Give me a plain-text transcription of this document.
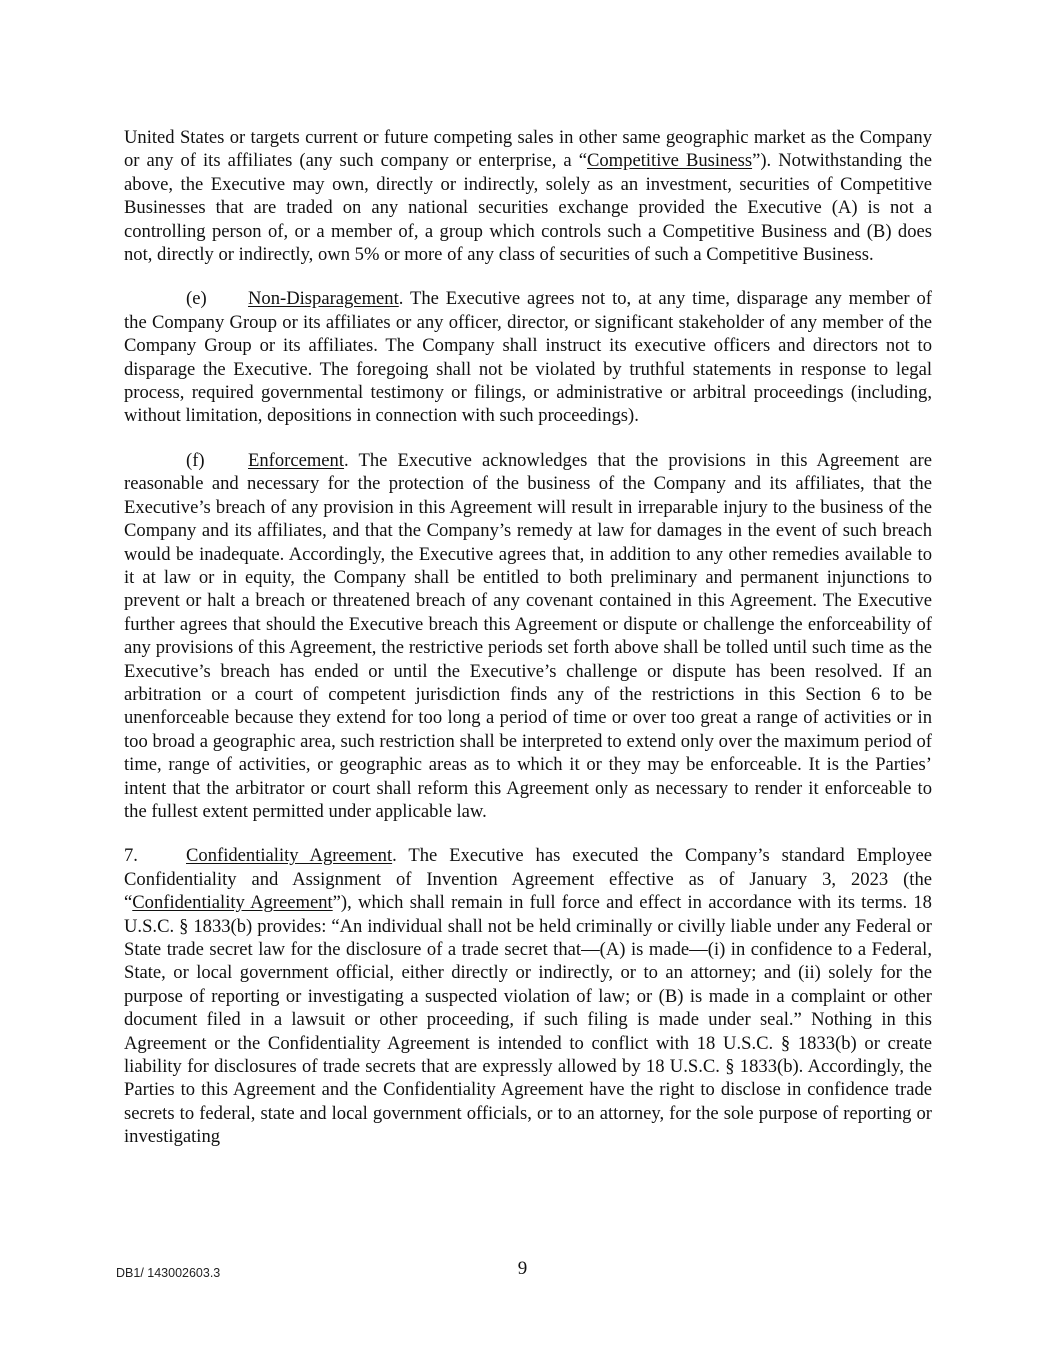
United States or targets current or future competing sales in other same geographic market as the Company or any of its affiliates (any such company or enterprise, a “Competitive Business”). Notwithstanding the above, the Executive may own, directly or indirectly, solely as an investment, securities of Competitive Businesses that are traded on any national securities exchange provided the Executive (A) is not a controlling person of, or a member of, a group which controls such a Competitive Business and (B) does not, directly or indirectly, own 5% or more of any class of securities of such a Competitive Business.

(e) Non-Disparagement. The Executive agrees not to, at any time, disparage any member of the Company Group or its affiliates or any officer, director, or significant stakeholder of any member of the Company Group or its affiliates. The Company shall instruct its executive officers and directors not to disparage the Executive. The foregoing shall not be violated by truthful statements in response to legal process, required governmental testimony or filings, or administrative or arbitral proceedings (including, without limitation, depositions in connection with such proceedings).

(f) Enforcement. The Executive acknowledges that the provisions in this Agreement are reasonable and necessary for the protection of the business of the Company and its affiliates, that the Executive’s breach of any provision in this Agreement will result in irreparable injury to the business of the Company and its affiliates, and that the Company’s remedy at law for damages in the event of such breach would be inadequate. Accordingly, the Executive agrees that, in addition to any other remedies available to it at law or in equity, the Company shall be entitled to both preliminary and permanent injunctions to prevent or halt a breach or threatened breach of any covenant contained in this Agreement. The Executive further agrees that should the Executive breach this Agreement or dispute or challenge the enforceability of any provisions of this Agreement, the restrictive periods set forth above shall be tolled until such time as the Executive’s breach has ended or until the Executive’s challenge or dispute has been resolved. If an arbitration or a court of competent jurisdiction finds any of the restrictions in this Section 6 to be unenforceable because they extend for too long a period of time or over too great a range of activities or in too broad a geographic area, such restriction shall be interpreted to extend only over the maximum period of time, range of activities, or geographic areas as to which it or they may be enforceable. It is the Parties’ intent that the arbitrator or court shall reform this Agreement only as necessary to render it enforceable to the fullest extent permitted under applicable law.

7.	Confidentiality Agreement. The Executive has executed the Company’s standard Employee Confidentiality and Assignment of Invention Agreement effective as of January 3, 2023 (the “Confidentiality Agreement”), which shall remain in full force and effect in accordance with its terms. 18 U.S.C. § 1833(b) provides: “An individual shall not be held criminally or civilly liable under any Federal or State trade secret law for the disclosure of a trade secret that—(A) is made—(i) in confidence to a Federal, State, or local government official, either directly or indirectly, or to an attorney; and (ii) solely for the purpose of reporting or investigating a suspected violation of law; or (B) is made in a complaint or other document filed in a lawsuit or other proceeding, if such filing is made under seal.” Nothing in this Agreement or the Confidentiality Agreement is intended to conflict with 18 U.S.C. § 1833(b) or create liability for disclosures of trade secrets that are expressly allowed by 18 U.S.C. § 1833(b). Accordingly, the Parties to this Agreement and the Confidentiality Agreement have the right to disclose in confidence trade secrets to federal, state and local government officials, or to an attorney, for the sole purpose of reporting or investigating

DB1/ 143002603.3	9
